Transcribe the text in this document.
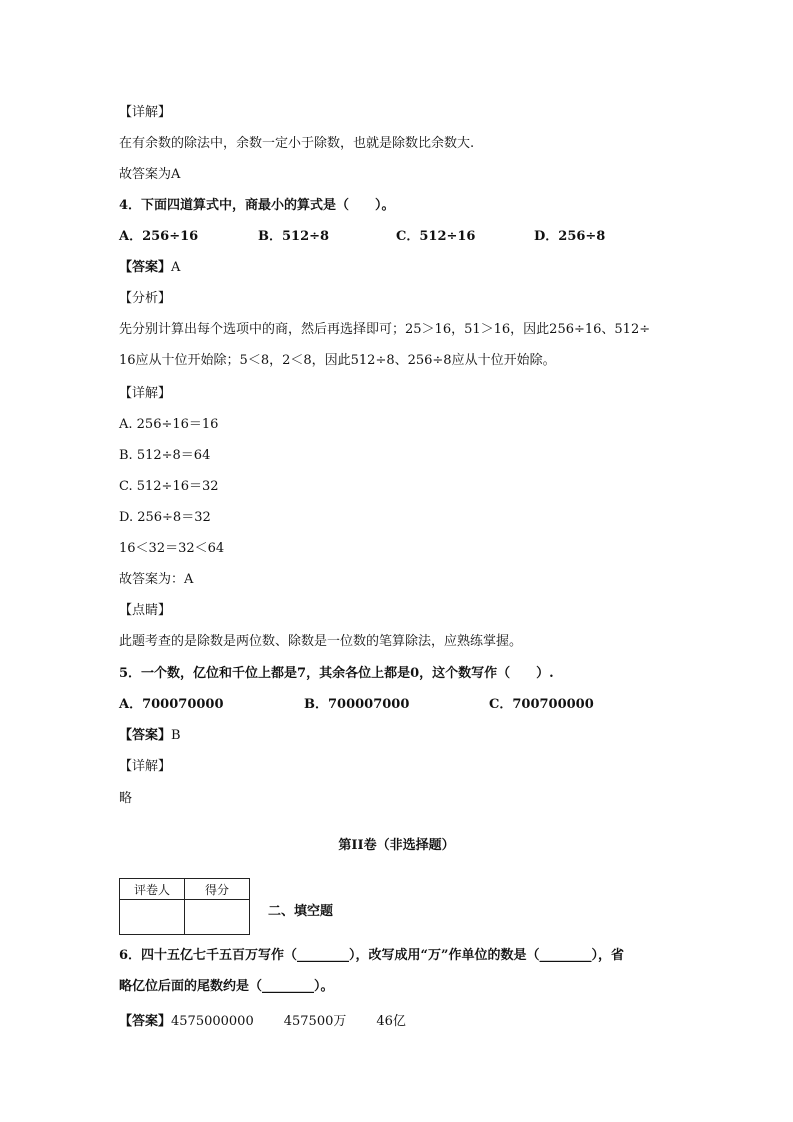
【详解】
在有余数的除法中，余数一定小于除数，也就是除数比余数大.
故答案为A
4．下面四道算式中，商最小的算式是（　　）。
A．256÷16	B．512÷8	C．512÷16	D．256÷8
【答案】A
【分析】
先分别计算出每个选项中的商，然后再选择即可；25＞16，51＞16，因此256÷16、512÷
16应从十位开始除；5＜8，2＜8，因此512÷8、256÷8应从十位开始除。
【详解】
A. 256÷16＝16
B. 512÷8＝64
C. 512÷16＝32
D. 256÷8＝32
16＜32＝32＜64
故答案为：A
【点睛】
此题考查的是除数是两位数、除数是一位数的笔算除法，应熟练掌握。
5．一个数，亿位和千位上都是7，其余各位上都是0，这个数写作（　　）.
A．700070000	B．700007000	C．700700000
【答案】B
【详解】
略
第II卷（非选择题）
评卷人	得分

二、填空题
6．四十五亿七千五百万写作（________），改写成用“万”作单位的数是（________），省
略亿位后面的尾数约是（________）。
【答案】4575000000 457500万 46亿
